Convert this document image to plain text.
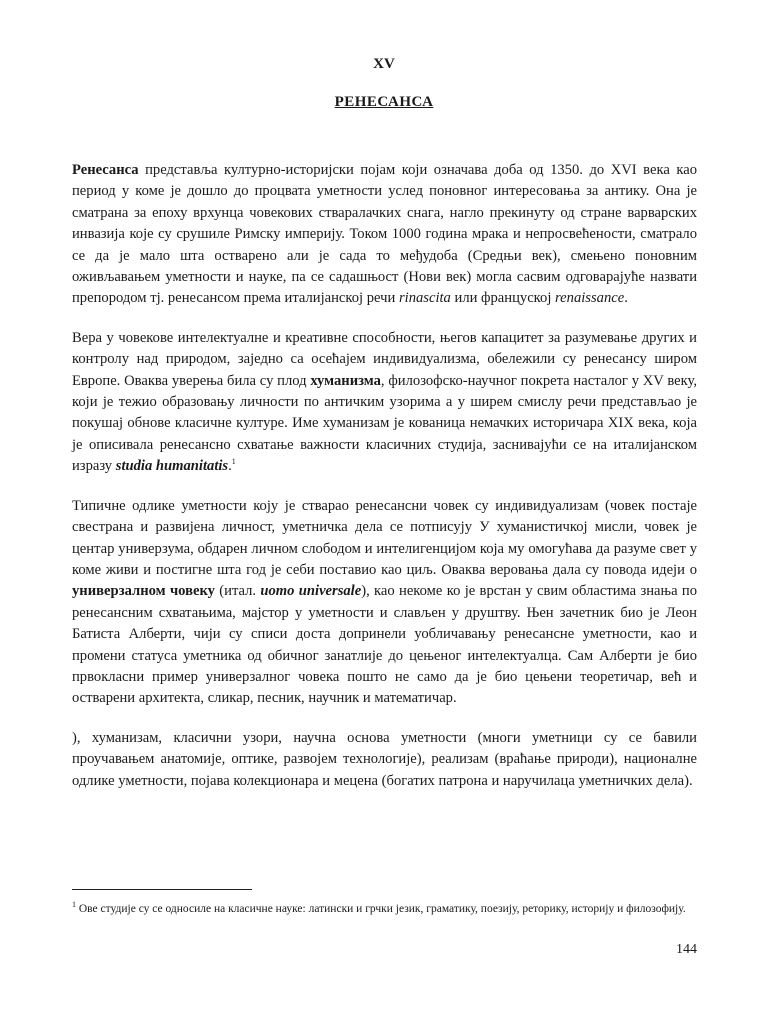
XV
РЕНЕСАНСА

Ренесанса представља културно-историјски појам који означава доба од 1350. до XVI века као период у коме је дошло до процвата уметности услед поновног интересовања за антику. Она је сматрана за епоху врхунца човекових стваралачких снага, нагло прекинуту од стране варварских инвазија које су срушиле Римску империју. Током 1000 година мрака и непросвећености, сматрало се да је мало шта остварено али је сада то међудоба (Средњи век), смењено поновним оживљавањем уметности и науке, па се садашњост (Нови век) могла сасвим одговарајуће назвати препородом тј. ренесансом према италијанској речи rinascita или француској renaissance.

Вера у човекове интелектуалне и креативне способности, његов капацитет за разумевање других и контролу над природом, заједно са осећајем индивидуализма, обележили су ренесансу широм Европе. Оваква уверења била су плод хуманизма, филозофско-научног покрета насталог у XV веку, који је тежио образовању личности по античким узорима а у ширем смислу речи представљао је покушај обнове класичне културе. Име хуманизам је кованица немачких историчара XIX века, која је описивала ренесансно схватање важности класичних студија, заснивајући се на италијанском изразу studia humanitatis.$^1$

Типичне одлике уметности коју је стварао ренесансни човек су индивидуализам (човек постаје свестрана и развијена личност, уметничка дела се потписују У хуманистичкој мисли, човек је центар универзума, обдарен личном слободом и интелигенцијом која му омогућава да разуме свет у коме живи и постигне шта год је себи поставио као циљ. Оваква веровања дала су повода идеји о универзалном човеку (итал. uomo universale), као некоме ко је врстан у свим областима знања по ренесансним схватањима, мајстор у уметности и слављен у друштву. Њен зачетник био је Леон Батиста Алберти, чији су списи доста допринели уобличавању ренесансне уметности, као и промени статуса уметника од обичног занатлије до цењеног интелектуалца. Сам Алберти је био првокласни пример универзалног човека пошто не само да је био цењени теоретичар, већ и остварени архитекта, сликар, песник, научник и математичар.

), хуманизам, класични узори, научна основа уметности (многи уметници су се бавили проучавањем анатомије, оптике, развојем технологије), реализам (враћање природи), националне одлике уметности, појава колекционара и мецена (богатих патрона и наручилаца уметничких дела).

$^1$ Ове студије су се односиле на класичне науке: латински и грчки језик, граматику, поезију, реторику, историју и филозофију.
144
